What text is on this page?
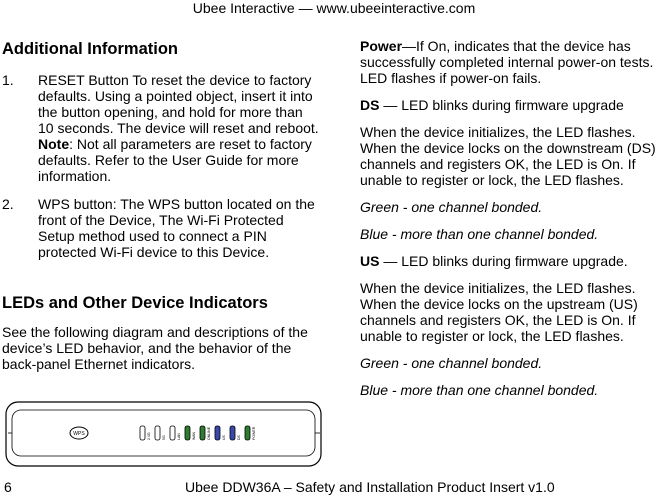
Ubee Interactive — www.ubeeinteractive.com
Additional Information
1.	RESET Button To reset the device to factory defaults. Using a pointed object, insert it into the button opening, and hold for more than 10 seconds. The device will reset and reboot. Note: Not all parameters are reset to factory defaults. Refer to the User Guide for more information.
2.	WPS button: The WPS button located on the front of the Device, The Wi-Fi Protected Setup method used to connect a PIN protected Wi-Fi device to this Device.
LEDs and Other Device Indicators

See the following diagram and descriptions of the device’s LED behavior, and the behavior of the back-panel Ethernet indicators.

Power—If On, indicates that the device has successfully completed internal power-on tests. LED flashes if power-on fails.

DS — LED blinks during firmware upgrade

When the device initializes, the LED flashes. When the device locks on the downstream (DS) channels and registers OK, the LED is On. If unable to register or lock, the LED flashes.

Green - one channel bonded.

Blue - more than one channel bonded.

US — LED blinks during firmware upgrade.

When the device initializes, the LED flashes. When the device locks on the upstream (US) channels and registers OK, the LED is On. If unable to register or lock, the LED flashes.

Green - one channel bonded.

Blue - more than one channel bonded.

WPS	2.4G	5G	LAN	WAN	ONLINE	US	DS	POWER
6	Ubee DDW36A – Safety and Installation Product Insert v1.0
